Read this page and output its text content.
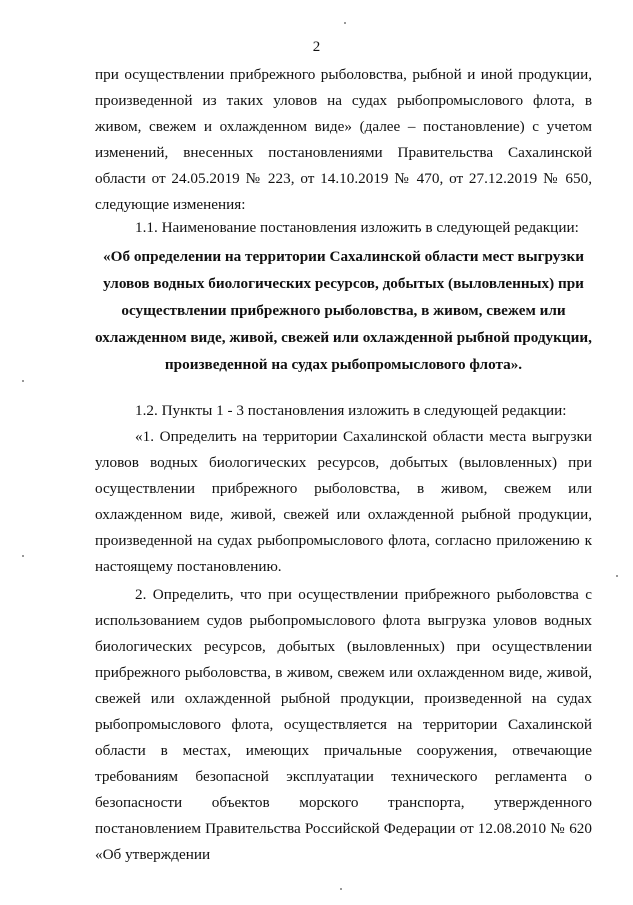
2
при осуществлении прибрежного рыболовства, рыбной и иной продукции, произведенной из таких уловов на судах рыбопромыслового флота, в живом, свежем и охлажденном виде» (далее – постановление) с учетом изменений, внесенных постановлениями Правительства Сахалинской области от 24.05.2019 № 223, от 14.10.2019 № 470, от 27.12.2019 № 650, следующие изменения:
1.1. Наименование постановления изложить в следующей редакции:
«Об определении на территории Сахалинской области мест выгрузки уловов водных биологических ресурсов, добытых (выловленных) при осуществлении прибрежного рыболовства, в живом, свежем или охлажденном виде, живой, свежей или охлажденной рыбной продукции, произведенной на судах рыбопромыслового флота».
1.2. Пункты 1 - 3 постановления изложить в следующей редакции:
«1. Определить на территории Сахалинской области места выгрузки уловов водных биологических ресурсов, добытых (выловленных) при осуществлении прибрежного рыболовства, в живом, свежем или охлажденном виде, живой, свежей или охлажденной рыбной продукции, произведенной на судах рыбопромыслового флота, согласно приложению к настоящему постановлению.
2. Определить, что при осуществлении прибрежного рыболовства с использованием судов рыбопромыслового флота выгрузка уловов водных биологических ресурсов, добытых (выловленных) при осуществлении прибрежного рыболовства, в живом, свежем или охлажденном виде, живой, свежей или охлажденной рыбной продукции, произведенной на судах рыбопромыслового флота, осуществляется на территории Сахалинской области в местах, имеющих причальные сооружения, отвечающие требованиям безопасной эксплуатации технического регламента о безопасности объектов морского транспорта, утвержденного постановлением Правительства Российской Федерации от 12.08.2010 № 620 «Об утверждении
